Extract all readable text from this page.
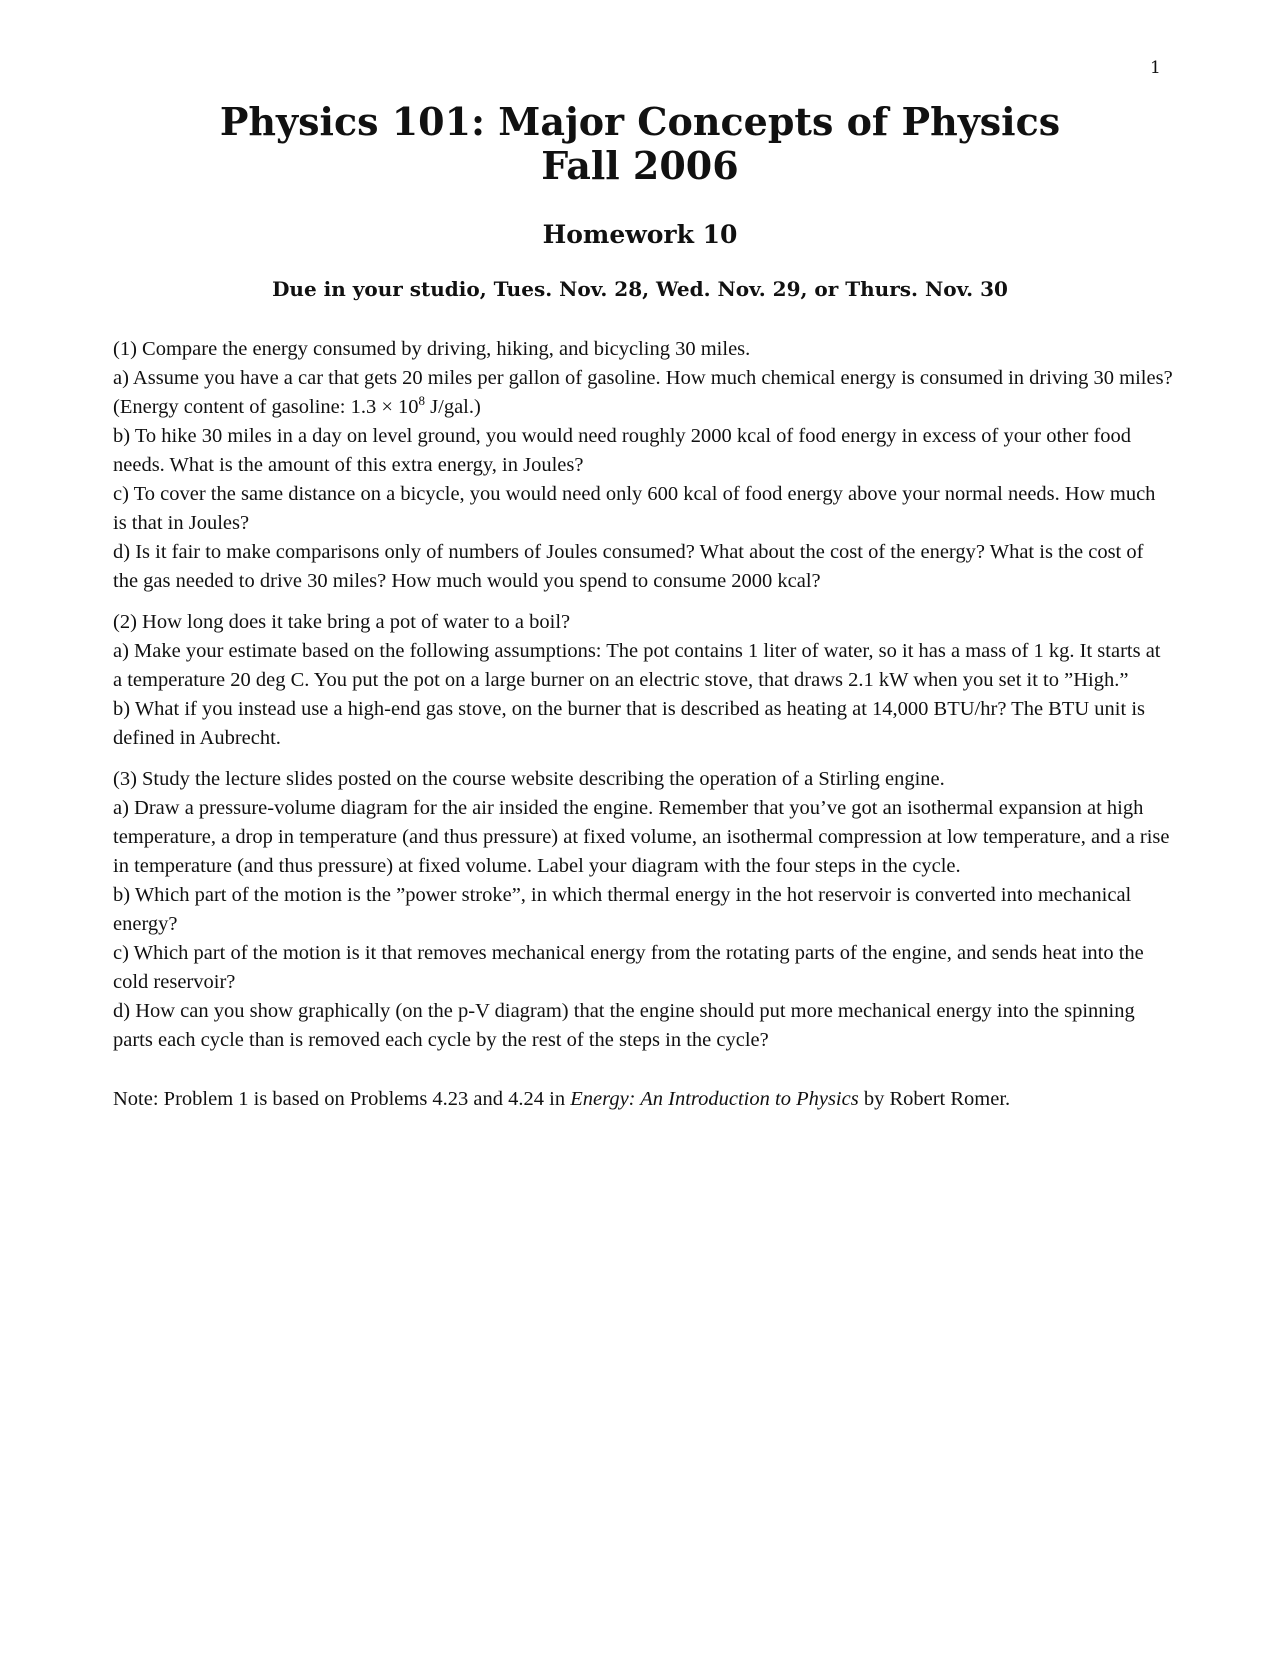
1
Physics 101: Major Concepts of Physics
Fall 2006
Homework 10
Due in your studio, Tues. Nov. 28, Wed. Nov. 29, or Thurs. Nov. 30
(1) Compare the energy consumed by driving, hiking, and bicycling 30 miles.
a) Assume you have a car that gets 20 miles per gallon of gasoline. How much chemical energy is consumed in driving 30 miles? (Energy content of gasoline: $1.3 \times 10^8$ J/gal.)
b) To hike 30 miles in a day on level ground, you would need roughly 2000 kcal of food energy in excess of your other food needs. What is the amount of this extra energy, in Joules?
c) To cover the same distance on a bicycle, you would need only 600 kcal of food energy above your normal needs. How much is that in Joules?
d) Is it fair to make comparisons only of numbers of Joules consumed? What about the cost of the energy? What is the cost of the gas needed to drive 30 miles? How much would you spend to consume 2000 kcal?
(2) How long does it take bring a pot of water to a boil?
a) Make your estimate based on the following assumptions: The pot contains 1 liter of water, so it has a mass of 1 kg. It starts at a temperature 20 deg C. You put the pot on a large burner on an electric stove, that draws 2.1 kW when you set it to ”High.”
b) What if you instead use a high-end gas stove, on the burner that is described as heating at 14,000 BTU/hr? The BTU unit is defined in Aubrecht.
(3) Study the lecture slides posted on the course website describing the operation of a Stirling engine.
a) Draw a pressure-volume diagram for the air insided the engine. Remember that you’ve got an isothermal expansion at high temperature, a drop in temperature (and thus pressure) at fixed volume, an isothermal compression at low temperature, and a rise in temperature (and thus pressure) at fixed volume. Label your diagram with the four steps in the cycle.
b) Which part of the motion is the ”power stroke”, in which thermal energy in the hot reservoir is converted into mechanical energy?
c) Which part of the motion is it that removes mechanical energy from the rotating parts of the engine, and sends heat into the cold reservoir?
d) How can you show graphically (on the p-V diagram) that the engine should put more mechanical energy into the spinning parts each cycle than is removed each cycle by the rest of the steps in the cycle?
Note: Problem 1 is based on Problems 4.23 and 4.24 in Energy: An Introduction to Physics by Robert Romer.
